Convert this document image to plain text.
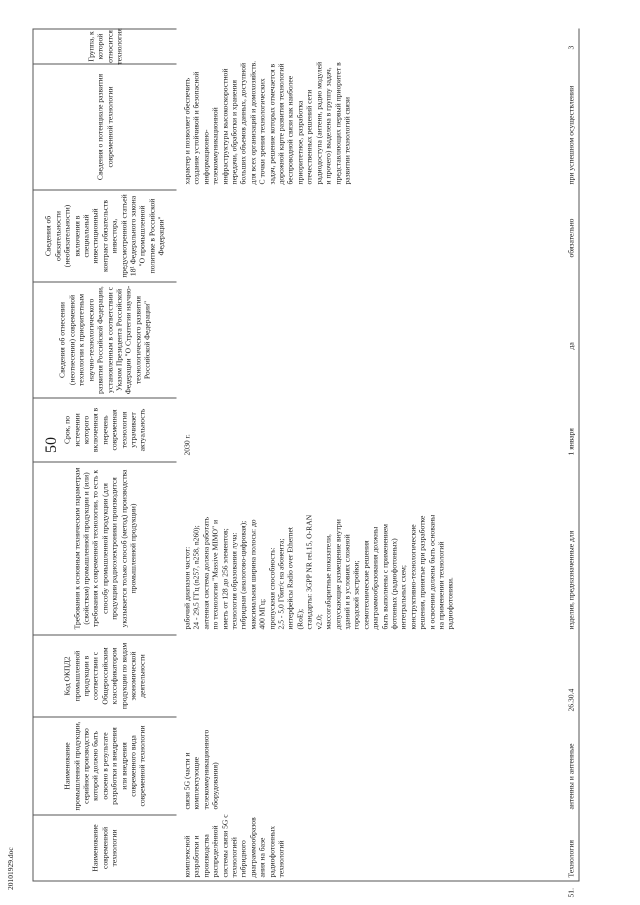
50
Наименование современной технологии
Наименование промышленной продукции, серийное производство которой должно быть освоено в результате разработки и внедрения или внедрения современного вида современной технологии
Код ОКПД2 промышленной продукции в соответствии с Общероссийским классификатором продукции по видам экономической деятельности
Требования к основным техническим параметрам (свойствам) промышленной продукции и (или) требования к современной технологии, то есть к способу промышленной продукции (для продукции радиоэлектроники производится указывается только способ (метод) производства промышленной продукции)
Срок, по истечении которого включенная в перечень современная технология утрачивает актуальность
Сведения об отнесении (неотнесении) современной технологии к приоритетным научно-технологического развития Российской Федерации, установленным в соответствии с Указом Президента Российской Федерации "О Стратегии научно-технологического развития Российской Федерации"
Сведения об обязательности (необязательности) включения в специальный инвестиционный контракт обязательств инвестора, предусмотренной статьей 18¹ Федерального закона "О промышленной политике в Российской Федерации"
Сведения о потенциале развития современной технологии
Группа, к которой относится технология
комплексной
разработки и
производства
распределённой
системы связи 5G с
технологией
гибридного
диаграммообразов
ания на базе
радиофотонных
технологий
связи 5G (части и
комплектующие
телекоммуникационного
оборудования)
рабочий диапазон частот:
24 - 29,5 ГГц (n257, n258, n260);
антенная система должна работать
по технологии "Massive MIMO" и
иметь от 128 до 256 элементов;
технология образования луча:
гибридная (аналогово-цифровая);
максимальная ширина полосы: до
400 МГц;
пропускная способность:
2,5 - 5,0 Гбит/с на абонента;
интерфейсы Radio over Ethernet
(RoE);
стандарты: 3GPP NR rel.15, O-RAN
v2.0;
массогабаритные показатели,
допускающие размещение внутри
зданий и в условиях сложной
городской застройки;
схемотехнические решения
диаграммообразования должны
быть выполнены с применением
фотонных (радиофотонных)
интегральных схем;
конструктивно-технологические
решения, принятые при разработке
и освоении должны быть основаны
на применении технологий
радиофотоники.
2030 г.
характер и позволяет обеспечить
создание устойчивой и безопасной
информационно-
телекоммуникационной
инфраструктуры высокоскоростной
передачи, обработки и хранения
больших объемов данных, доступной
для всех организаций и домохозяйств.
С точки зрения технологических
задач, решение которых отмечается в
дорожной карте развития технологий
беспроводной связи как наиболее
приоритетное, разработка
отечественных решений сети
радиодоступа (антенн, радио модулей
и прочего) выделена в группу задач,
представляющих первый приоритет в
развитии технологий связи
51.
Технология
антенны и антенные
26.30.4
изделия, предназначенные для
1 января
да
обязательно
при успешном осуществлении
3
20101929.doc
